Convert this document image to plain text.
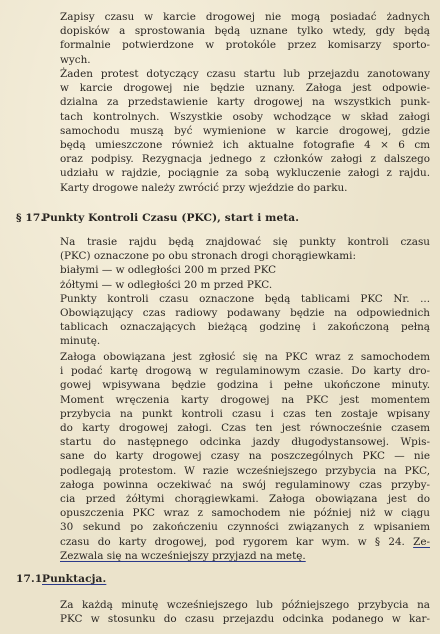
Zapisy czasu w karcie drogowej nie mogą posiadać żadnych
dopisków a sprostowania będą uznane tylko wtedy, gdy będą
formalnie potwierdzone w protokóle przez komisarzy sporto-
wych.
Żaden protest dotyczący czasu startu lub przejazdu zanotowany
w karcie drogowej nie będzie uznany. Załoga jest odpowie-
dzialna za przedstawienie karty drogowej na wszystkich punk-
tach kontrolnych. Wszystkie osoby wchodzące w skład załogi
samochodu muszą być wymienione w karcie drogowej, gdzie
będą umieszczone również ich aktualne fotografie 4 × 6 cm
oraz podpisy. Rezygnacja jednego z członków załogi z dalszego
udziału w rajdzie, pociągnie za sobą wykluczenie załogi z rajdu.
Karty drogowe należy zwrócić przy wjeździe do parku.
§ 17.Punkty Kontroli Czasu (PKC), start i meta.
Na trasie rajdu będą znajdować się punkty kontroli czasu
(PKC) oznaczone po obu stronach drogi chorągiewkami:
białymi — w odległości 200 m przed PKC
żółtymi — w odległości 20 m przed PKC.
Punkty kontroli czasu oznaczone będą tablicami PKC Nr. ...
Obowiązujący czas radiowy podawany będzie na odpowiednich
tablicach oznaczających bieżącą godzinę i zakończoną pełną
minutę.
Załoga obowiązana jest zgłosić się na PKC wraz z samochodem
i podać kartę drogową w regulaminowym czasie. Do karty dro-
gowej wpisywana będzie godzina i pełne ukończone minuty.
Moment wręczenia karty drogowej na PKC jest momentem
przybycia na punkt kontroli czasu i czas ten zostaje wpisany
do karty drogowej załogi. Czas ten jest równocześnie czasem
startu do następnego odcinka jazdy długodystansowej. Wpis-
sane do karty drogowej czasy na poszczególnych PKC — nie
podlegają protestom. W razie wcześniejszego przybycia na PKC,
załoga powinna oczekiwać na swój regulaminowy czas przyby-
cia przed żółtymi chorągiewkami. Załoga obowiązana jest do
opuszczenia PKC wraz z samochodem nie później niż w ciągu
30 sekund po zakończeniu czynności związanych z wpisaniem
czasu do karty drogowej, pod rygorem kar wym. w § 24. Ze-
Zezwala się na wcześniejszy przyjazd na metę.
17.1.Punktacja.
Za każdą minutę wcześniejszego lub późniejszego przybycia na
PKC w stosunku do czasu przejazdu odcinka podanego w kar-
